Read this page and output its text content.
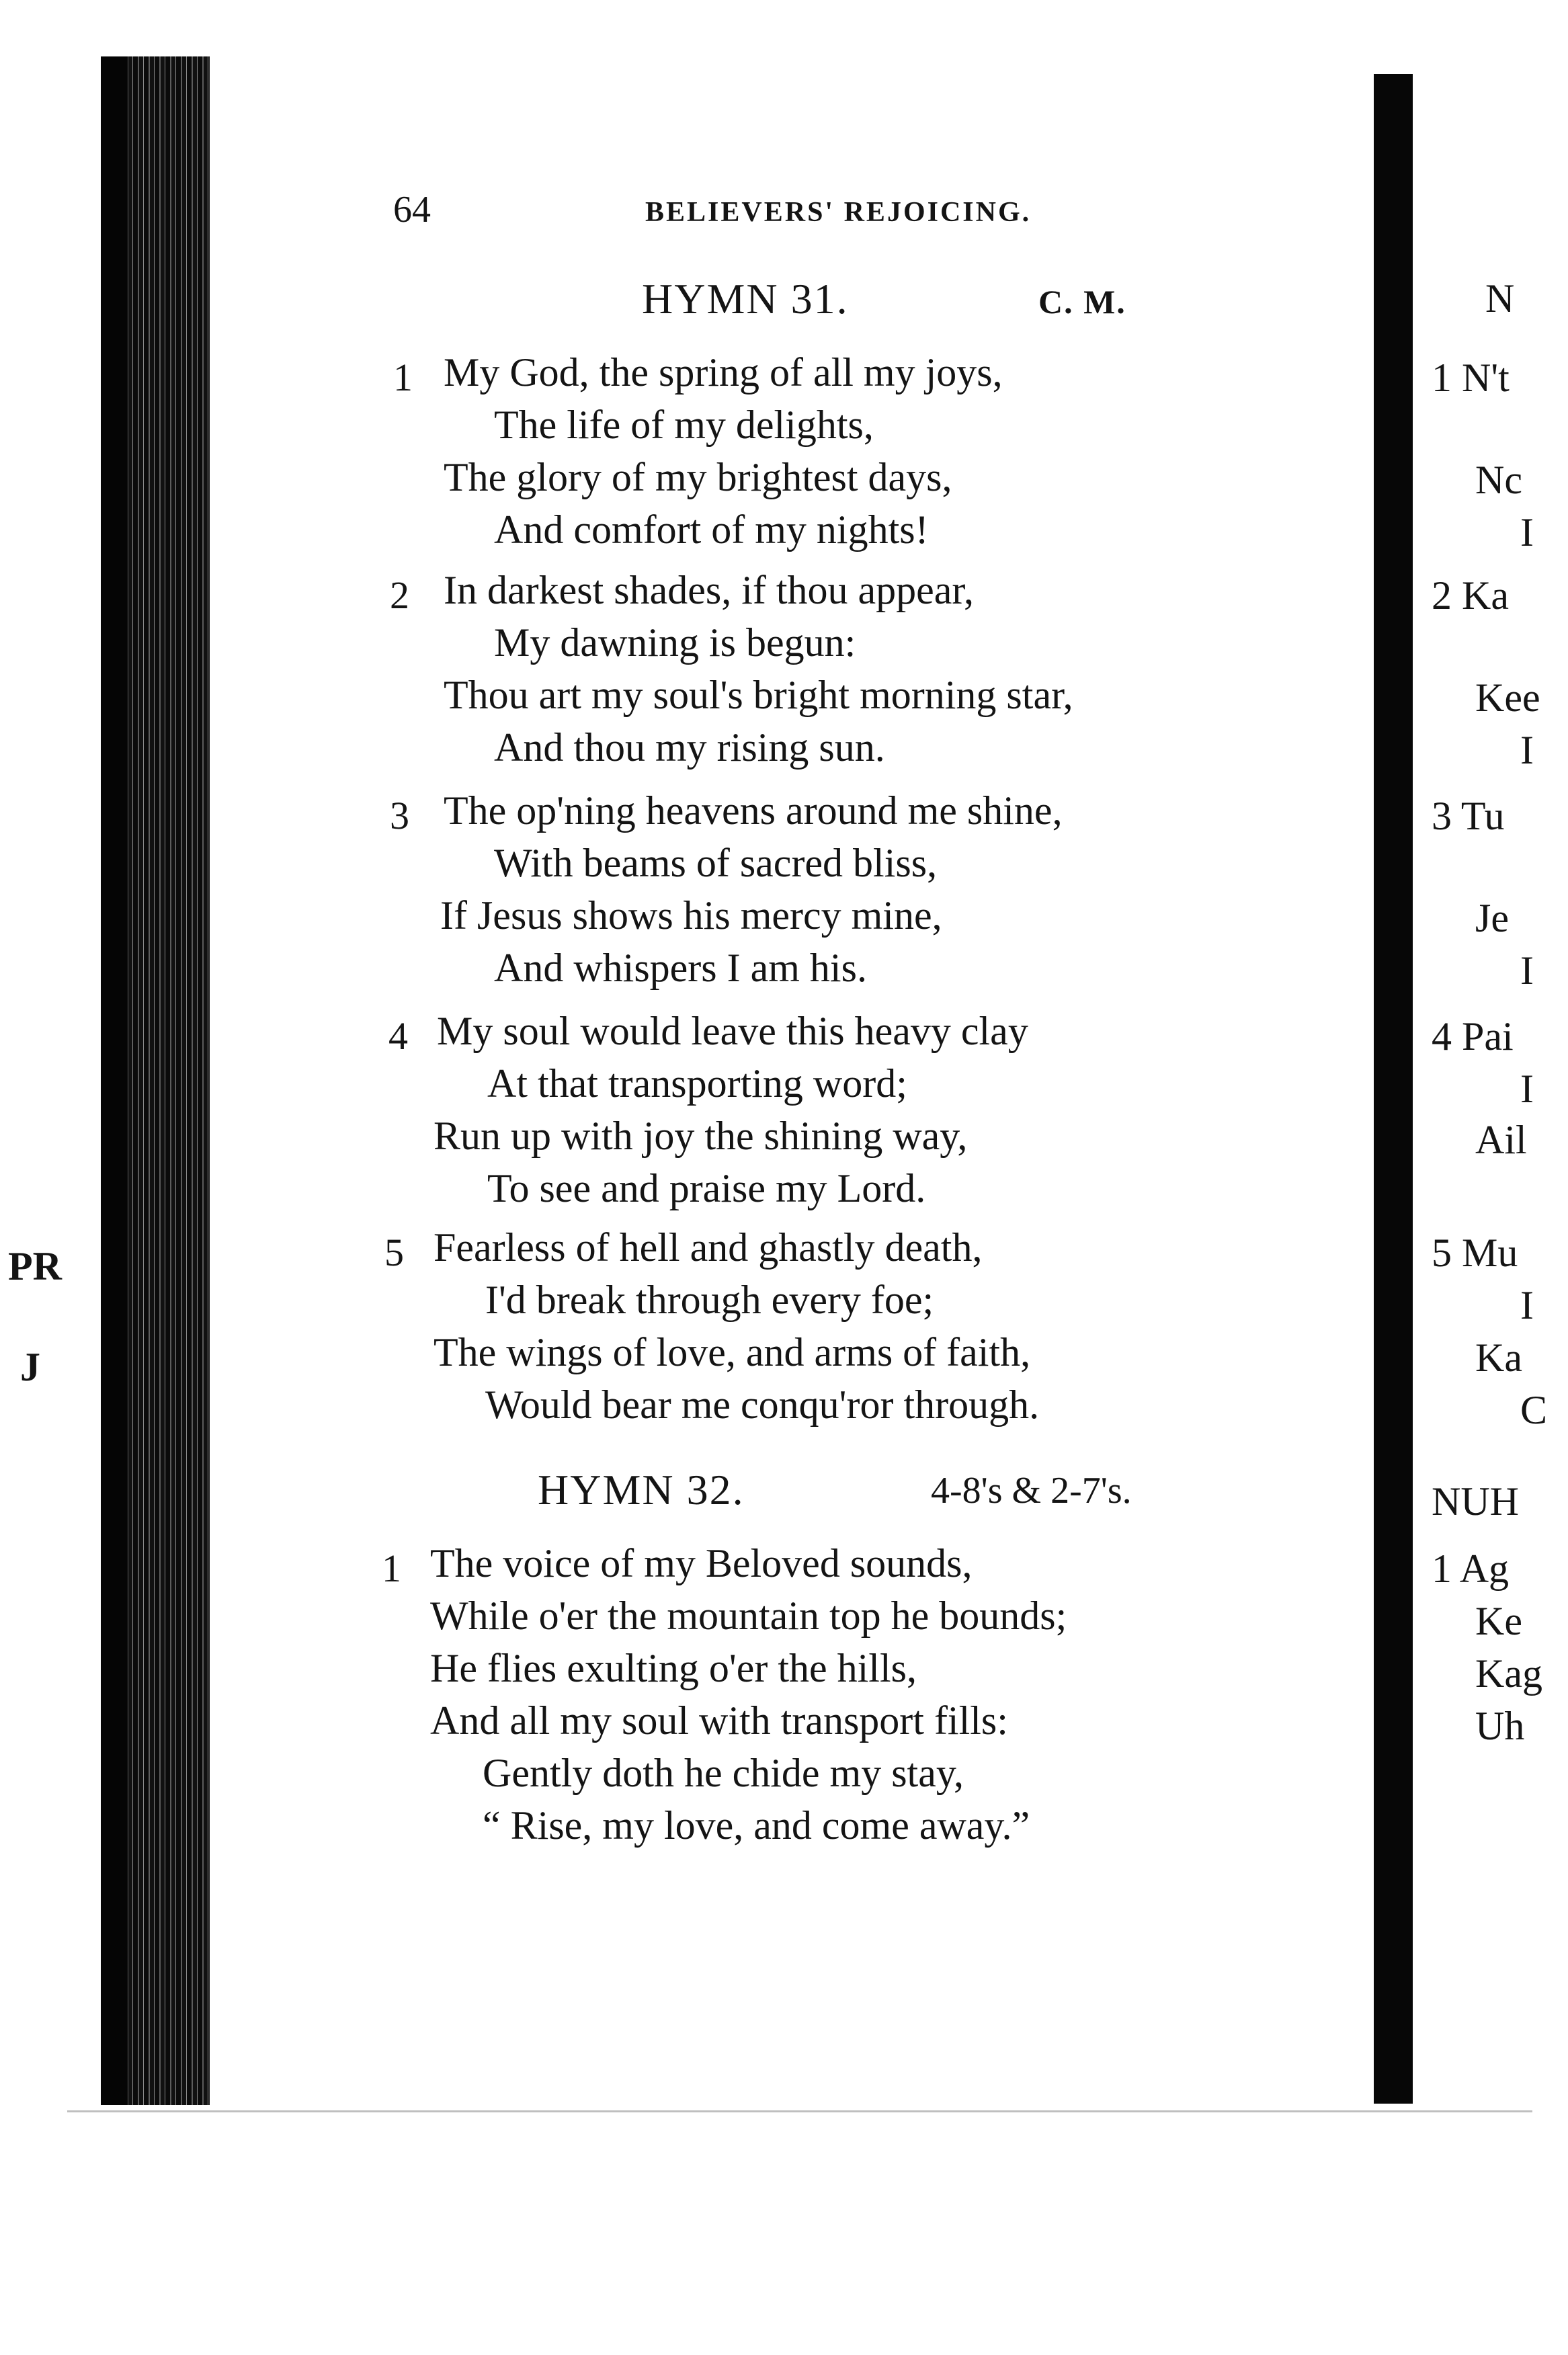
PR
J
64	BELIEVERS' REJOICING.
HYMN 31.	C. M.
1 My God, the spring of all my joys,
The life of my delights,
The glory of my brightest days,
And comfort of my nights!
2 In darkest shades, if thou appear,
My dawning is begun:
Thou art my soul's bright morning star,
And thou my rising sun.
3 The op'ning heavens around me shine,
With beams of sacred bliss,
If Jesus shows his mercy mine,
And whispers I am his.
4 My soul would leave this heavy clay
At that transporting word;
Run up with joy the shining way,
To see and praise my Lord.
5 Fearless of hell and ghastly death,
I'd break through every foe;
The wings of love, and arms of faith,
Would bear me conqu'ror through.
HYMN 32.	4-8's & 2-7's.
1 The voice of my Beloved sounds,
While o'er the mountain top he bounds;
He flies exulting o'er the hills,
And all my soul with transport fills:
Gently doth he chide my stay,
“ Rise, my love, and come away.”
N
1 N't
Nc
I
2 Ka
Kee
I
3 Tu
Je
I
4 Pai
I
Ail
5 Mu
I
Ka
C
NUH
1 Ag
Ke
Kag
Uh
